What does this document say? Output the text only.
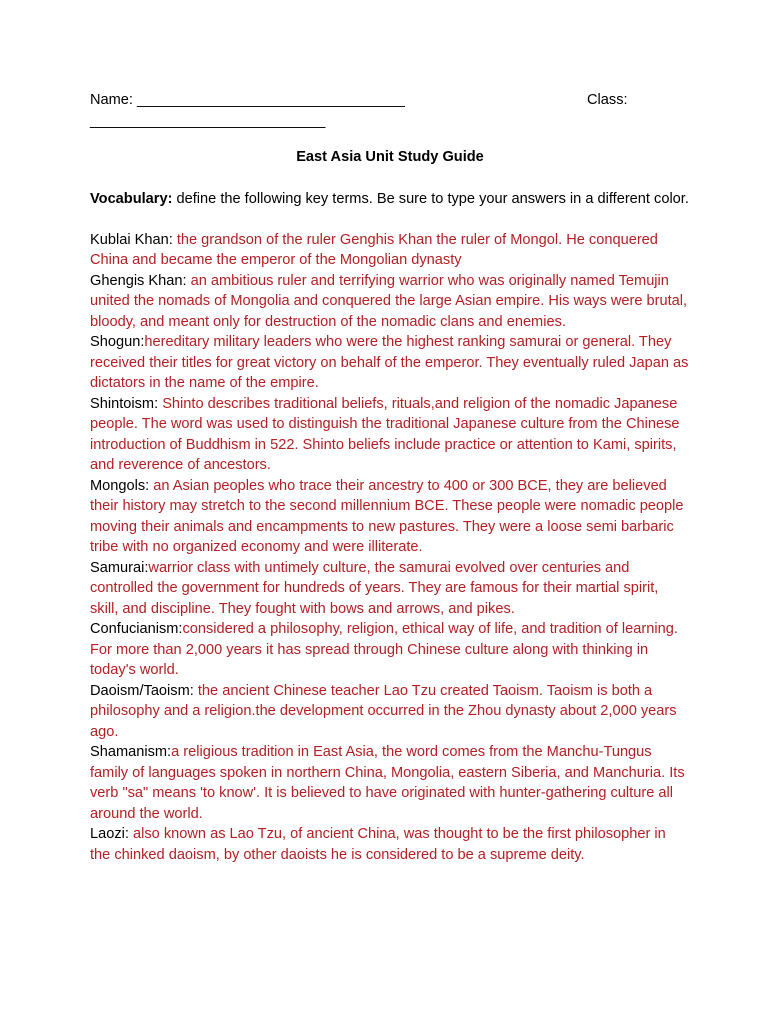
Name: _________________________________	Class:
_____________________________
East Asia Unit Study Guide
Vocabulary: define the following key terms. Be sure to type your answers in a different color.
Kublai Khan: the grandson of the ruler Genghis Khan the ruler of Mongol. He conquered China and became the emperor of the Mongolian dynasty
Ghengis Khan: an ambitious ruler and terrifying warrior who was originally named Temujin united the nomads of Mongolia and conquered the large Asian empire. His ways were brutal, bloody, and meant only for destruction of the nomadic clans and enemies.
Shogun:hereditary military leaders who were the highest ranking samurai or general. They received their titles for great victory on behalf of the emperor. They eventually ruled Japan as dictators in the name of the empire.
Shintoism: Shinto describes traditional beliefs, rituals,and religion of the nomadic Japanese people. The word was used to distinguish the traditional Japanese culture from the Chinese introduction of Buddhism in 522. Shinto beliefs include practice or attention to Kami, spirits, and reverence of ancestors.
Mongols: an Asian peoples who trace their ancestry to 400 or 300 BCE, they are believed their history may stretch to the second millennium BCE. These people were nomadic people moving their animals and encampments to new pastures. They were a loose semi barbaric tribe with no organized economy and were illiterate.
Samurai:warrior class with untimely culture, the samurai evolved over centuries and controlled the government for hundreds of years. They are famous for their martial spirit, skill, and discipline. They fought with bows and arrows, and pikes.
Confucianism:considered a philosophy, religion, ethical way of life, and tradition of learning. For more than 2,000 years it has spread through Chinese culture along with thinking in today's world.
Daoism/Taoism: the ancient Chinese teacher Lao Tzu created Taoism. Taoism is both a philosophy and a religion.the development occurred in the Zhou dynasty about 2,000 years ago.
Shamanism:a religious tradition in East Asia, the word comes from the Manchu-Tungus family of languages spoken in northern China, Mongolia, eastern Siberia, and Manchuria. Its verb "sa" means 'to know'. It is believed to have originated with hunter-gathering culture all around the world.
Laozi: also known as Lao Tzu, of ancient China, was thought to be the first philosopher in the chinked daoism, by other daoists he is considered to be a supreme deity.
